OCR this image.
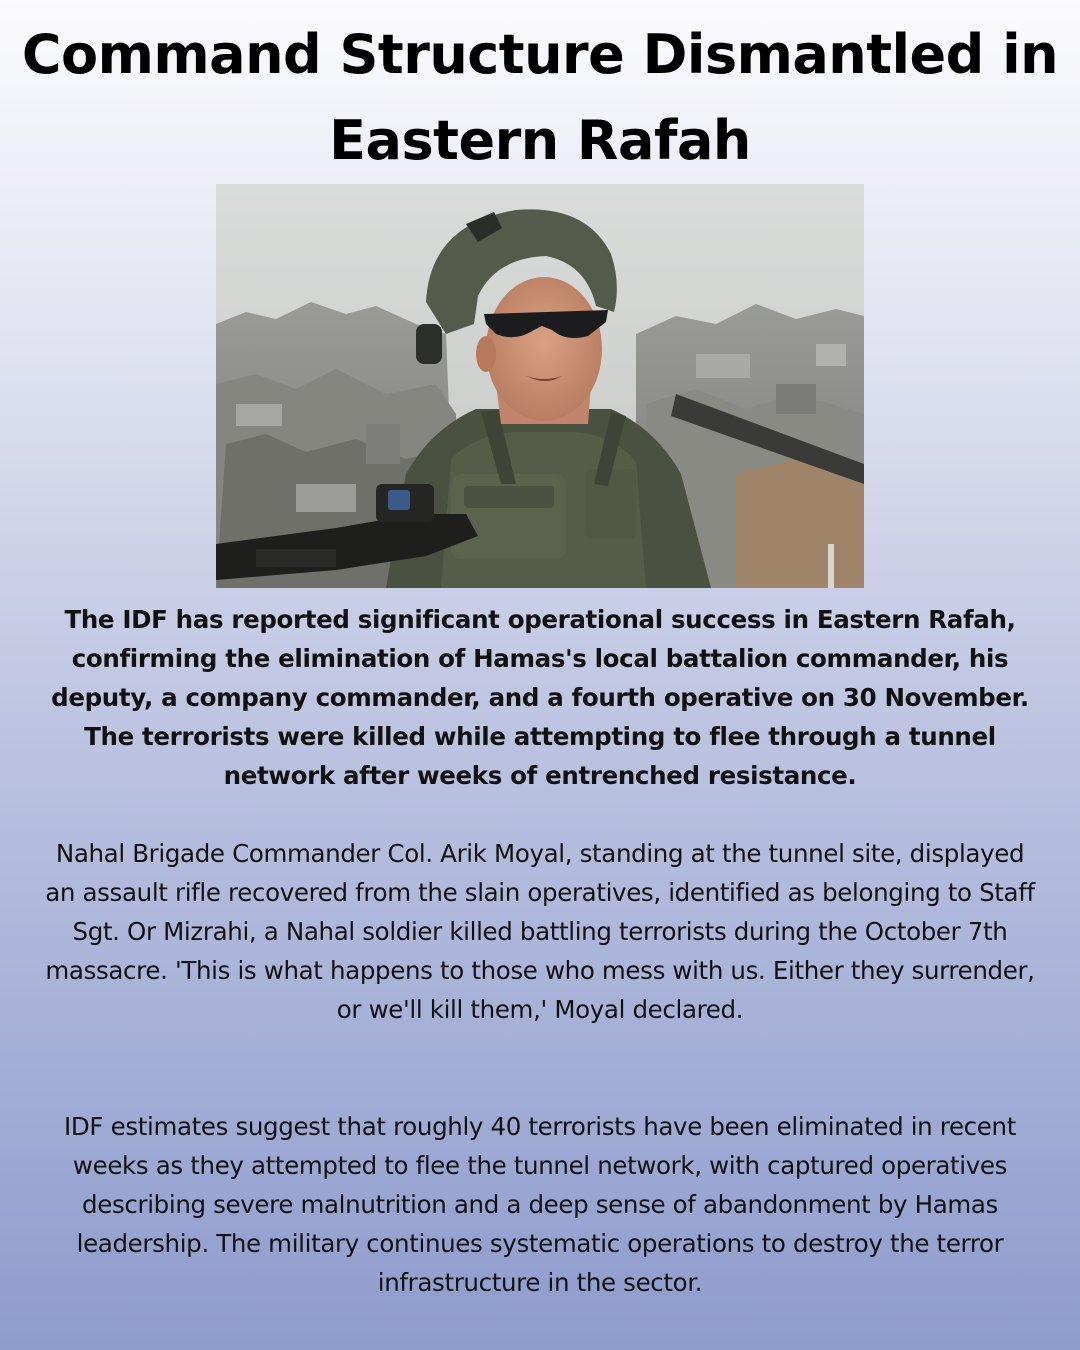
Command Structure Dismantled in Eastern Rafah

The IDF has reported significant operational success in Eastern Rafah, confirming the elimination of Hamas's local battalion commander, his deputy, a company commander, and a fourth operative on 30 November. The terrorists were killed while attempting to flee through a tunnel network after weeks of entrenched resistance.

Nahal Brigade Commander Col. Arik Moyal, standing at the tunnel site, displayed an assault rifle recovered from the slain operatives, identified as belonging to Staff Sgt. Or Mizrahi, a Nahal soldier killed battling terrorists during the October 7th massacre. 'This is what happens to those who mess with us. Either they surrender, or we'll kill them,' Moyal declared.

IDF estimates suggest that roughly 40 terrorists have been eliminated in recent weeks as they attempted to flee the tunnel network, with captured operatives describing severe malnutrition and a deep sense of abandonment by Hamas leadership. The military continues systematic operations to destroy the terror infrastructure in the sector.
